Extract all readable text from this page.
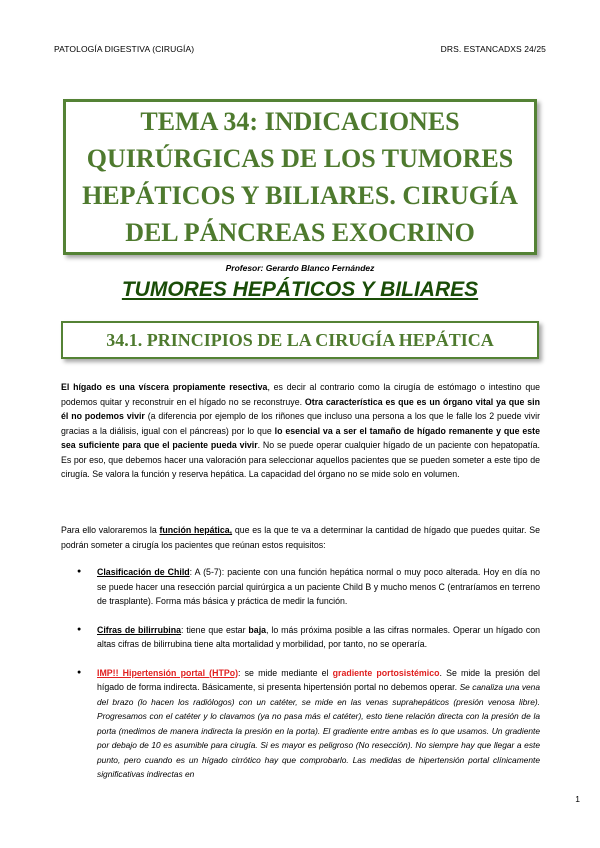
PATOLOGÍA DIGESTIVA (CIRUGÍA)	DRS. ESTANCADXS 24/25
TEMA 34: INDICACIONES QUIRÚRGICAS DE LOS TUMORES HEPÁTICOS Y BILIARES. CIRUGÍA DEL PÁNCREAS EXOCRINO
Profesor: Gerardo Blanco Fernández
TUMORES HEPÁTICOS Y BILIARES
34.1. PRINCIPIOS DE LA CIRUGÍA HEPÁTICA

El hígado es una víscera propiamente resectiva, es decir al contrario como la cirugía de estómago o intestino que podemos quitar y reconstruir en el hígado no se reconstruye. Otra característica es que es un órgano vital ya que sin él no podemos vivir (a diferencia por ejemplo de los riñones que incluso una persona a los que le falle los 2 puede vivir gracias a la diálisis, igual con el páncreas) por lo que lo esencial va a ser el tamaño de hígado remanente y que este sea suficiente para que el paciente pueda vivir. No se puede operar cualquier hígado de un paciente con hepatopatía. Es por eso, que debemos hacer una valoración para seleccionar aquellos pacientes que se pueden someter a este tipo de cirugía. Se valora la función y reserva hepática. La capacidad del órgano no se mide solo en volumen.

Para ello valoraremos la función hepática, que es la que te va a determinar la cantidad de hígado que puedes quitar. Se podrán someter a cirugía los pacientes que reúnan estos requisitos:

● Clasificación de Child: A (5-7): paciente con una función hepática normal o muy poco alterada. Hoy en día no se puede hacer una resección parcial quirúrgica a un paciente Child B y mucho menos C (entraríamos en terreno de trasplante). Forma más básica y práctica de medir la función.
● Cifras de bilirrubina: tiene que estar baja, lo más próxima posible a las cifras normales. Operar un hígado con altas cifras de bilirrubina tiene alta mortalidad y morbilidad, por tanto, no se operaría.
● IMP!! Hipertensión portal (HTPo): se mide mediante el gradiente portosistémico. Se mide la presión del hígado de forma indirecta. Básicamente, si presenta hipertensión portal no debemos operar. Se canaliza una vena del brazo (lo hacen los radiólogos) con un catéter, se mide en las venas suprahepáticos (presión venosa libre). Progresamos con el catéter y lo clavamos (ya no pasa más el catéter), esto tiene relación directa con la presión de la porta (medimos de manera indirecta la presión en la porta). El gradiente entre ambas es lo que usamos. Un gradiente por debajo de 10 es asumible para cirugía. Si es mayor es peligroso (No resección). No siempre hay que llegar a este punto, pero cuando es un hígado cirrótico hay que comprobarlo. Las medidas de hipertensión portal clínicamente significativas indirectas en
1
